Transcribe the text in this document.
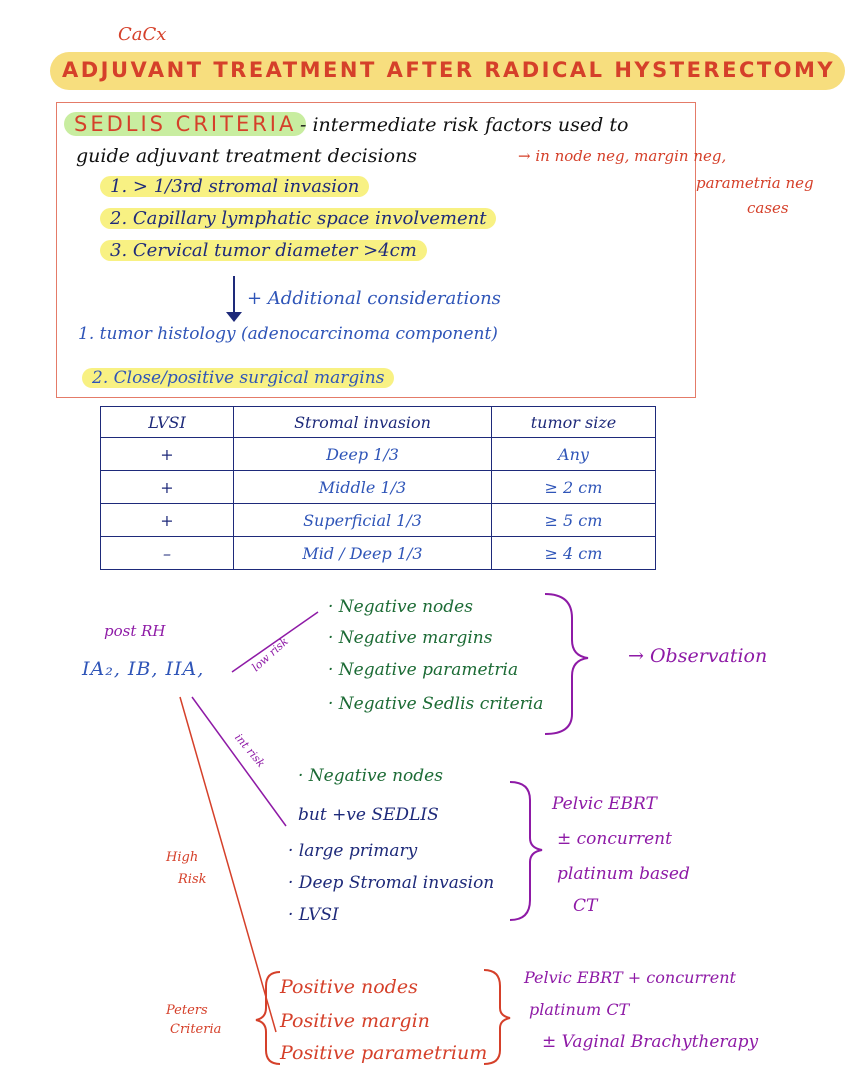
CaCx
ADJUVANT TREATMENT AFTER RADICAL HYSTERECTOMY
SEDLIS CRITERIA - intermediate risk factors used to
guide adjuvant treatment decisions	→ in node neg, margin neg,
parametria neg
cases
1. > 1/3rd stromal invasion
2. Capillary lymphatic space involvement
3. Cervical tumor diameter >4cm
+ Additional considerations
1. tumor histology (adenocarcinoma component)
2. Close/positive surgical margins
LVSI	Stromal invasion	tumor size
+	Deep 1/3	Any
+	Middle 1/3	≥ 2 cm
+	Superficial 1/3	≥ 5 cm
–	Mid / Deep 1/3	≥ 4 cm
post RH
IA₂, IB, IIA,	low risk
int risk
High
Risk
Peters
Criteria
· Negative nodes
· Negative margins
· Negative parametria
· Negative Sedlis criteria
→ Observation
· Negative nodes
but +ve SEDLIS
· large primary
· Deep Stromal invasion
· LVSI
Pelvic EBRT
± concurrent
platinum based
CT
Positive nodes
Positive margin
Positive parametrium
Pelvic EBRT + concurrent
platinum CT
± Vaginal Brachytherapy
